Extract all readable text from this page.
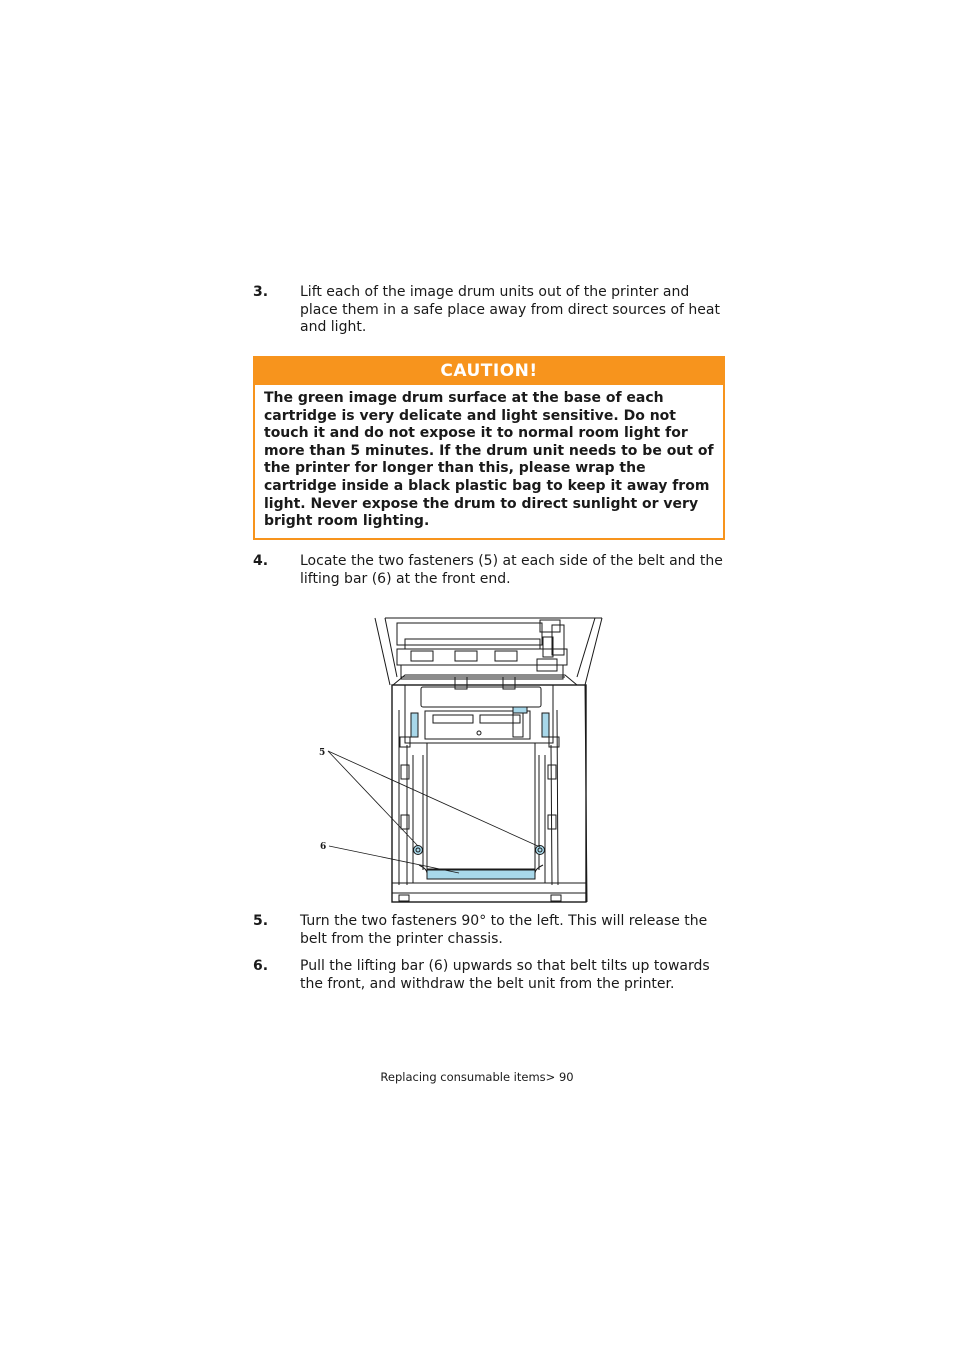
3. Lift each of the image drum units out of the printer and place them in a safe place away from direct sources of heat and light.
CAUTION!
The green image drum surface at the base of each cartridge is very delicate and light sensitive. Do not touch it and do not expose it to normal room light for more than 5 minutes. If the drum unit needs to be out of the printer for longer than this, please wrap the cartridge inside a black plastic bag to keep it away from light. Never expose the drum to direct sunlight or very bright room lighting.
4. Locate the two fasteners (5) at each side of the belt and the lifting bar (6) at the front end.
5
6
5. Turn the two fasteners 90° to the left. This will release the belt from the printer chassis.
6. Pull the lifting bar (6) upwards so that belt tilts up towards the front, and withdraw the belt unit from the printer.
Replacing consumable items> 90
